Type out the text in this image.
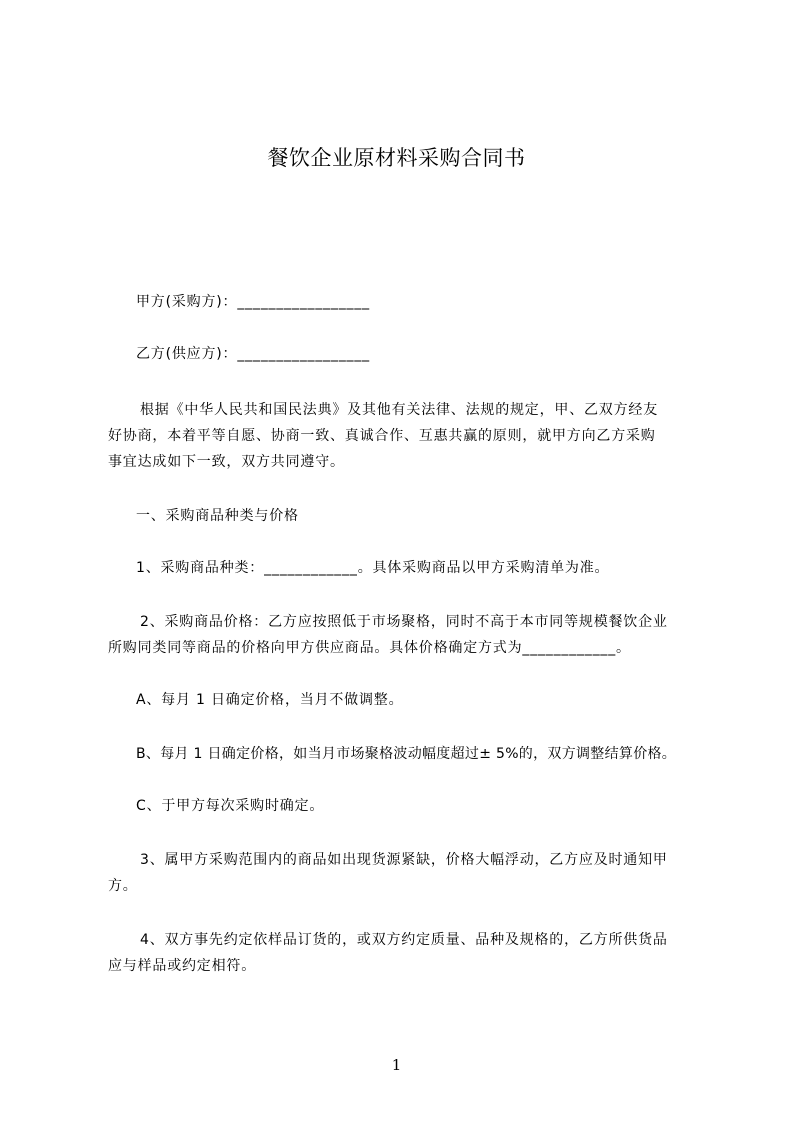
餐饮企业原材料采购合同书
甲方(采购方)：_________________
乙方(供应方)：_________________
根据《中华人民共和国民法典》及其他有关法律、法规的规定，甲、乙双方经友
好协商，本着平等自愿、协商一致、真诚合作、互惠共赢的原则，就甲方向乙方采购
事宜达成如下一致，双方共同遵守。
一、采购商品种类与价格
1、采购商品种类：____________。具体采购商品以甲方采购清单为准。
2、采购商品价格：乙方应按照低于市场聚格，同时不高于本市同等规模餐饮企业
所购同类同等商品的价格向甲方供应商品。具体价格确定方式为____________。
A、每月 1 日确定价格，当月不做调整。
B、每月 1 日确定价格，如当月市场聚格波动幅度超过± 5%的，双方调整结算价格。
C、于甲方每次采购时确定。
3、属甲方采购范围内的商品如出现货源紧缺，价格大幅浮动，乙方应及时通知甲
方。
4、双方事先约定依样品订货的，或双方约定质量、品种及规格的，乙方所供货品
应与样品或约定相符。
1
